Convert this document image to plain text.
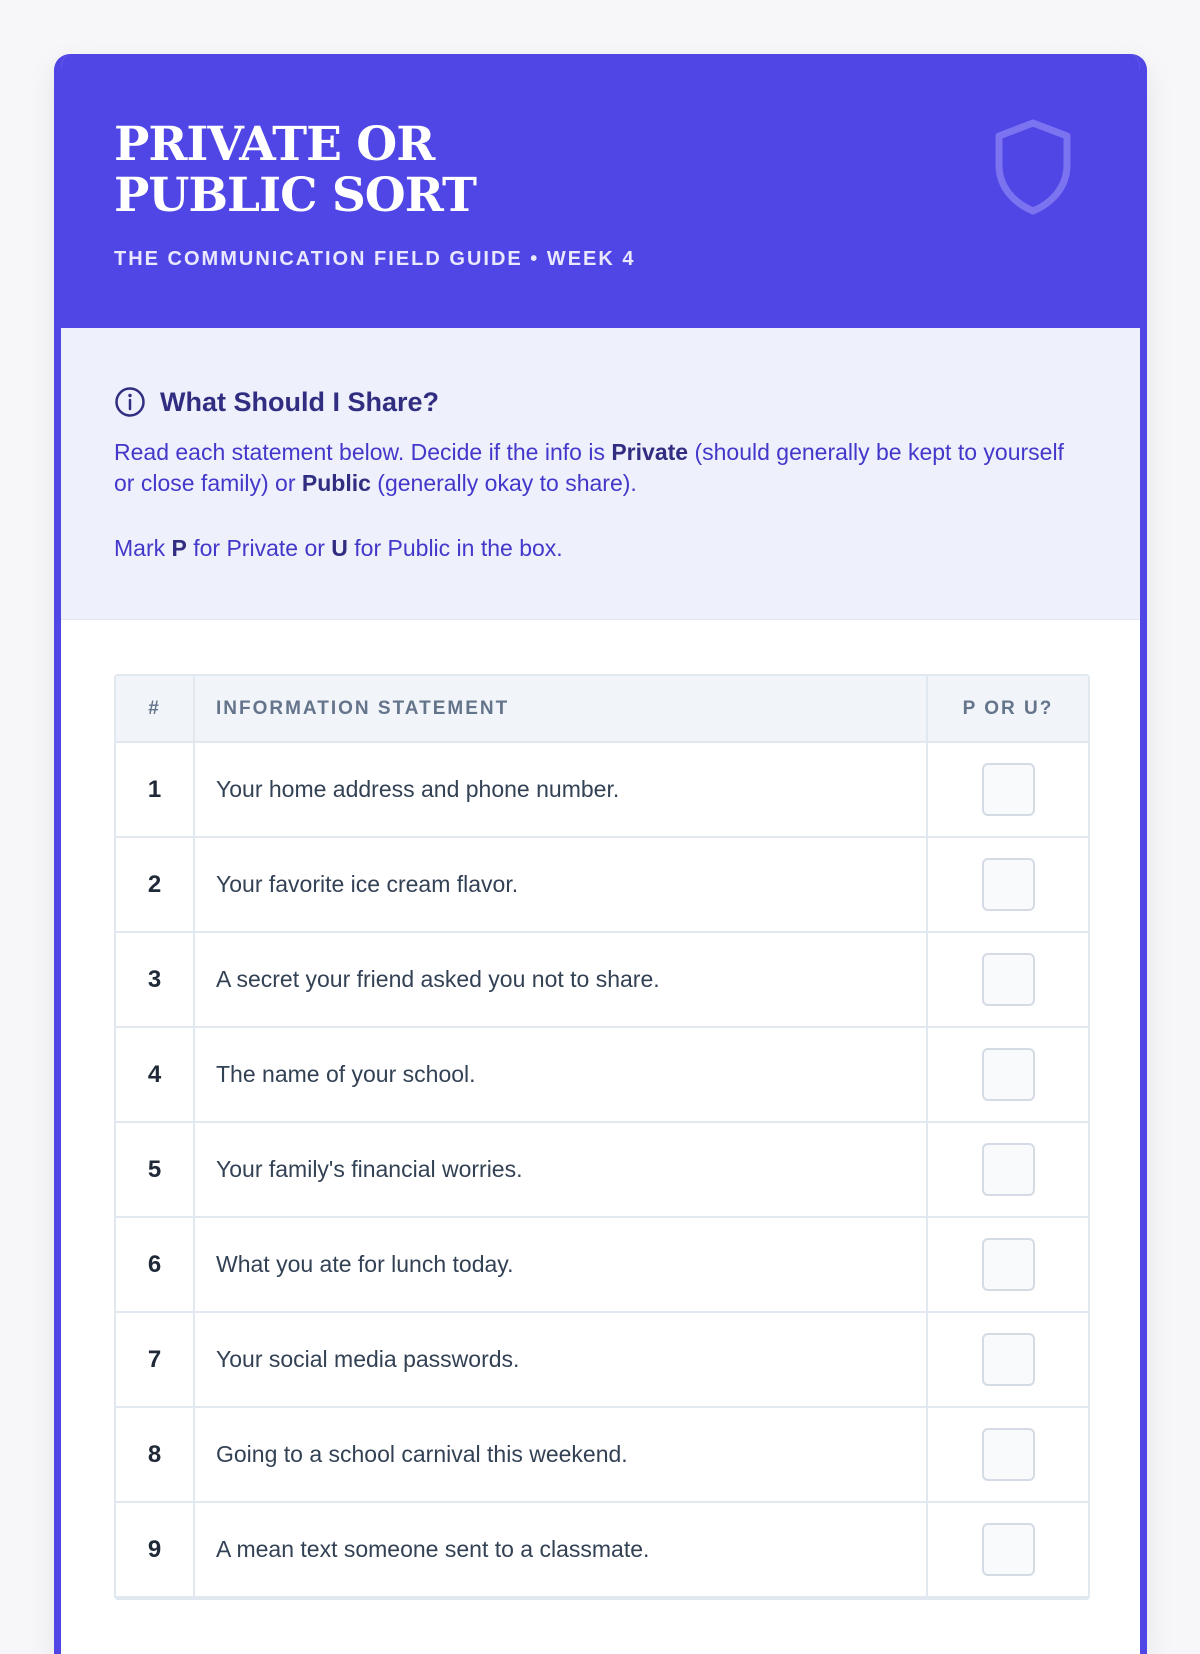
PRIVATE OR
PUBLIC SORT
THE COMMUNICATION FIELD GUIDE • WEEK 4
What Should I Share?

Read each statement below. Decide if the info is Private (should generally be kept to yourself or close family) or Public (generally okay to share).

Mark P for Private or U for Public in the box.

#	INFORMATION STATEMENT	P OR U?
1 Your home address and phone number.
2 Your favorite ice cream flavor.
3 A secret your friend asked you not to share.
4 The name of your school.
5 Your family's financial worries.
6 What you ate for lunch today.
7 Your social media passwords.
8 Going to a school carnival this weekend.
9 A mean text someone sent to a classmate.
